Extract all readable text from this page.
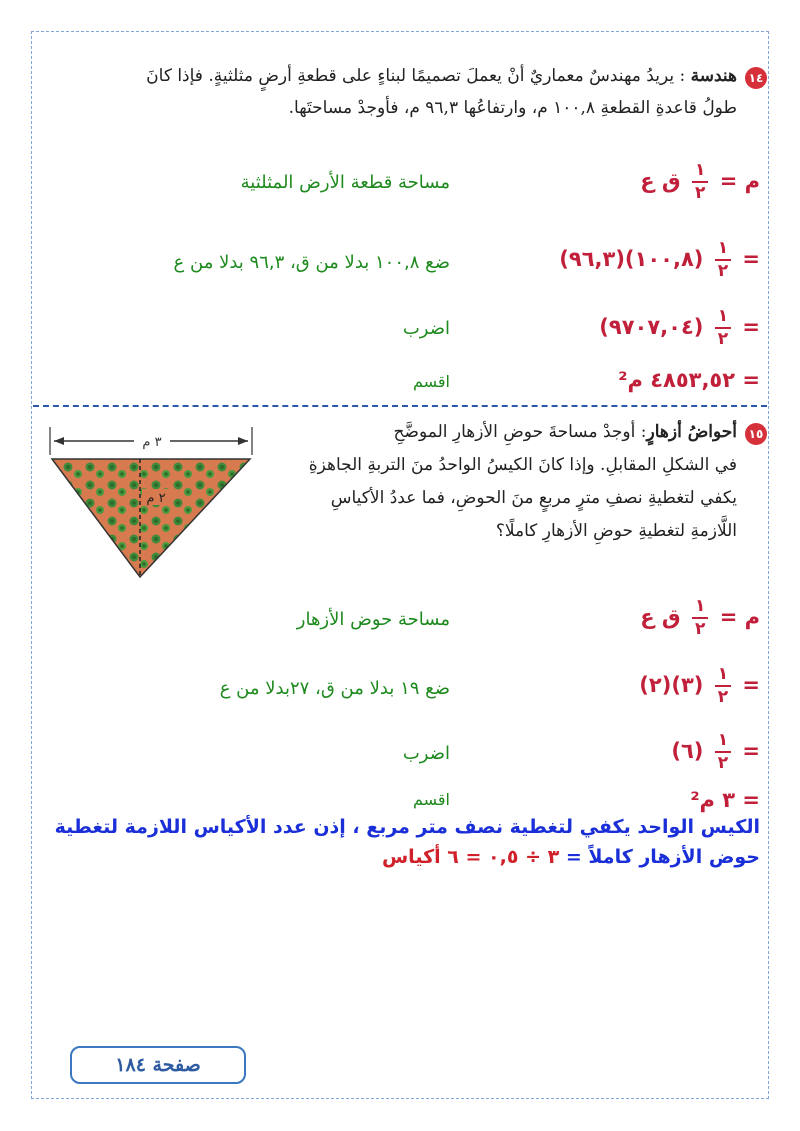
١٤
هندسة : يريدُ مهندسٌ معماريٌ أنْ يعملَ تصميمًا لبناءٍ على قطعةِ أرضٍ مثلثيةٍ. فإذا كانَ
طولُ قاعدةِ القطعةِ ١٠٠,٨ م، وارتفاعُها ٩٦,٣ م، فأوجدْ مساحتَها.
م =
$\frac{١}{٢}$
ق ع
مساحة قطعة الأرض المثلثية
=
$\frac{١}{٢}$
(١٠٠,٨)(٩٦,٣)
ضع ١٠٠,٨ بدلا من ق، ٩٦,٣ بدلا من ع
=
$\frac{١}{٢}$
(٩٧٠٧,٠٤)
اضرب
= ٤٨٥٣,٥٢ م²
اقسم
١٥
أحواضُ أزهارٍ: أوجدْ مساحةَ حوضِ الأزهارِ الموضَّحِ
في الشكلِ المقابلِ. وإذا كانَ الكيسُ الواحدُ منَ التربةِ الجاهزةِ
يكفي لتغطيةِ نصفِ مترٍ مربعٍ منَ الحوضِ، فما عددُ الأكياسِ
اللَّازمةِ لتغطيةِ حوضِ الأزهارِ كاملًا؟
٣ م
٢ م
م =
$\frac{١}{٢}$
ق ع
مساحة حوض الأزهار
=
$\frac{١}{٢}$
(٣)(٢)
ضع ١٩ بدلا من ق، ٢٧بدلا من ع
=
$\frac{١}{٢}$
(٦)
اضرب
= ٣ م²
اقسم
الكيس الواحد يكفي لتغطية نصف متر مربع ، إذن عدد الأكياس اللازمة لتغطية
حوض الأزهار كاملاً = ٣ ÷ ٠,٥ = ٦ أكياس
صفحة ١٨٤
